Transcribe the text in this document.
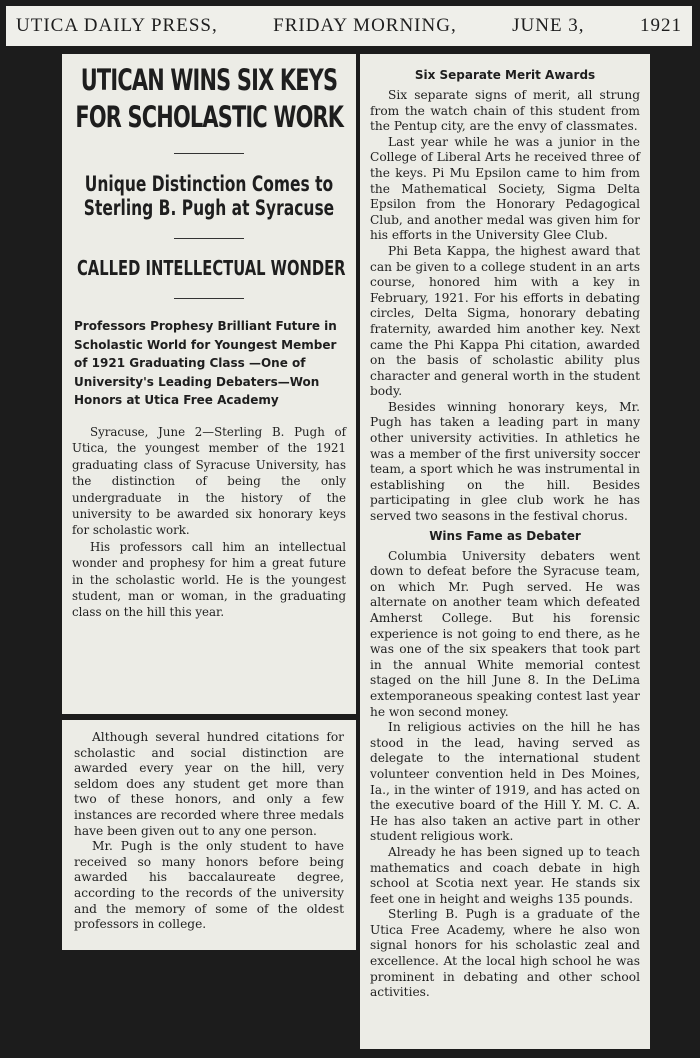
UTICA DAILY PRESS,	FRIDAY MORNING,	JUNE 3,	1921
UTICAN WINS SIX KEYS
FOR SCHOLASTIC WORK
Unique Distinction Comes to Sterling B. Pugh at Syracuse
CALLED INTELLECTUAL WONDER
Professors Prophesy Brilliant Future in Scholastic World for Youngest Member of 1921 Graduating Class —One of University's Leading Debaters—Won Honors at Utica Free Academy

Syracuse, June 2—Sterling B. Pugh of Utica, the youngest member of the 1921 graduating class of Syracuse University, has the distinction of being the only undergraduate in the history of the university to be awarded six honorary keys for scholastic work.

His professors call him an intellectual wonder and prophesy for him a great future in the scholastic world. He is the youngest student, man or woman, in the graduating class on the hill this year.

Although several hundred citations for scholastic and social distinction are awarded every year on the hill, very seldom does any student get more than two of these honors, and only a few instances are recorded where three medals have been given out to any one person.

Mr. Pugh is the only student to have received so many honors before being awarded his baccalaureate degree, according to the records of the university and the memory of some of the oldest professors in college.

Six Separate Merit Awards

Six separate signs of merit, all strung from the watch chain of this student from the Pentup city, are the envy of classmates.

Last year while he was a junior in the College of Liberal Arts he received three of the keys. Pi Mu Epsilon came to him from the Mathematical Society, Sigma Delta Epsilon from the Honorary Pedagogical Club, and another medal was given him for his efforts in the University Glee Club.

Phi Beta Kappa, the highest award that can be given to a college student in an arts course, honored him with a key in February, 1921. For his efforts in debating circles, Delta Sigma, honorary debating fraternity, awarded him another key. Next came the Phi Kappa Phi citation, awarded on the basis of scholastic ability plus character and general worth in the student body.

Besides winning honorary keys, Mr. Pugh has taken a leading part in many other university activities. In athletics he was a member of the first university soccer team, a sport which he was instrumental in establishing on the hill. Besides participating in glee club work he has served two seasons in the festival chorus.

Wins Fame as Debater

Columbia University debaters went down to defeat before the Syracuse team, on which Mr. Pugh served. He was alternate on another team which defeated Amherst College. But his forensic experience is not going to end there, as he was one of the six speakers that took part in the annual White memorial contest staged on the hill June 8. In the DeLima extemporaneous speaking contest last year he won second money.

In religious activies on the hill he has stood in the lead, having served as delegate to the international student volunteer convention held in Des Moines, Ia., in the winter of 1919, and has acted on the executive board of the Hill Y. M. C. A. He has also taken an active part in other student religious work.

Already he has been signed up to teach mathematics and coach debate in high school at Scotia next year. He stands six feet one in height and weighs 135 pounds.

Sterling B. Pugh is a graduate of the Utica Free Academy, where he also won signal honors for his scholastic zeal and excellence. At the local high school he was prominent in debating and other school activities.
